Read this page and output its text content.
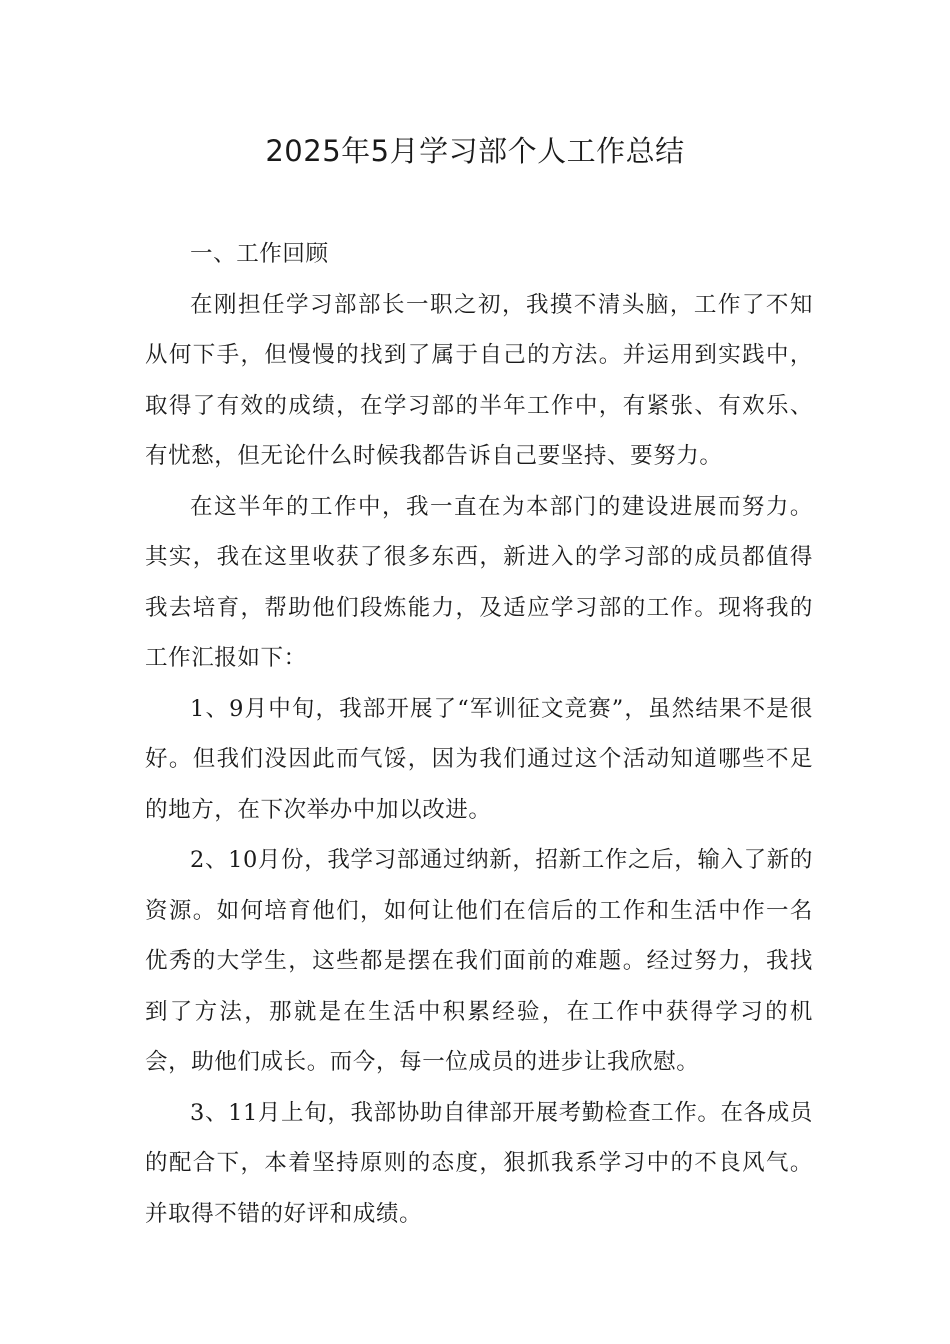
2025年5月学习部个人工作总结

一、工作回顾

在刚担任学习部部长一职之初，我摸不清头脑，工作了不知从何下手，但慢慢的找到了属于自己的方法。并运用到实践中，取得了有效的成绩，在学习部的半年工作中，有紧张、有欢乐、有忧愁，但无论什么时候我都告诉自己要坚持、要努力。

在这半年的工作中，我一直在为本部门的建设进展而努力。其实，我在这里收获了很多东西，新进入的学习部的成员都值得我去培育，帮助他们段炼能力，及适应学习部的工作。现将我的工作汇报如下：

1、9月中旬，我部开展了“军训征文竞赛”，虽然结果不是很好。但我们没因此而气馁，因为我们通过这个活动知道哪些不足的地方，在下次举办中加以改进。

2、10月份，我学习部通过纳新，招新工作之后，输入了新的资源。如何培育他们，如何让他们在信后的工作和生活中作一名优秀的大学生，这些都是摆在我们面前的难题。经过努力，我找到了方法，那就是在生活中积累经验，在工作中获得学习的机会，助他们成长。而今，每一位成员的进步让我欣慰。

3、11月上旬，我部协助自律部开展考勤检查工作。在各成员的配合下，本着坚持原则的态度，狠抓我系学习中的不良风气。并取得不错的好评和成绩。
